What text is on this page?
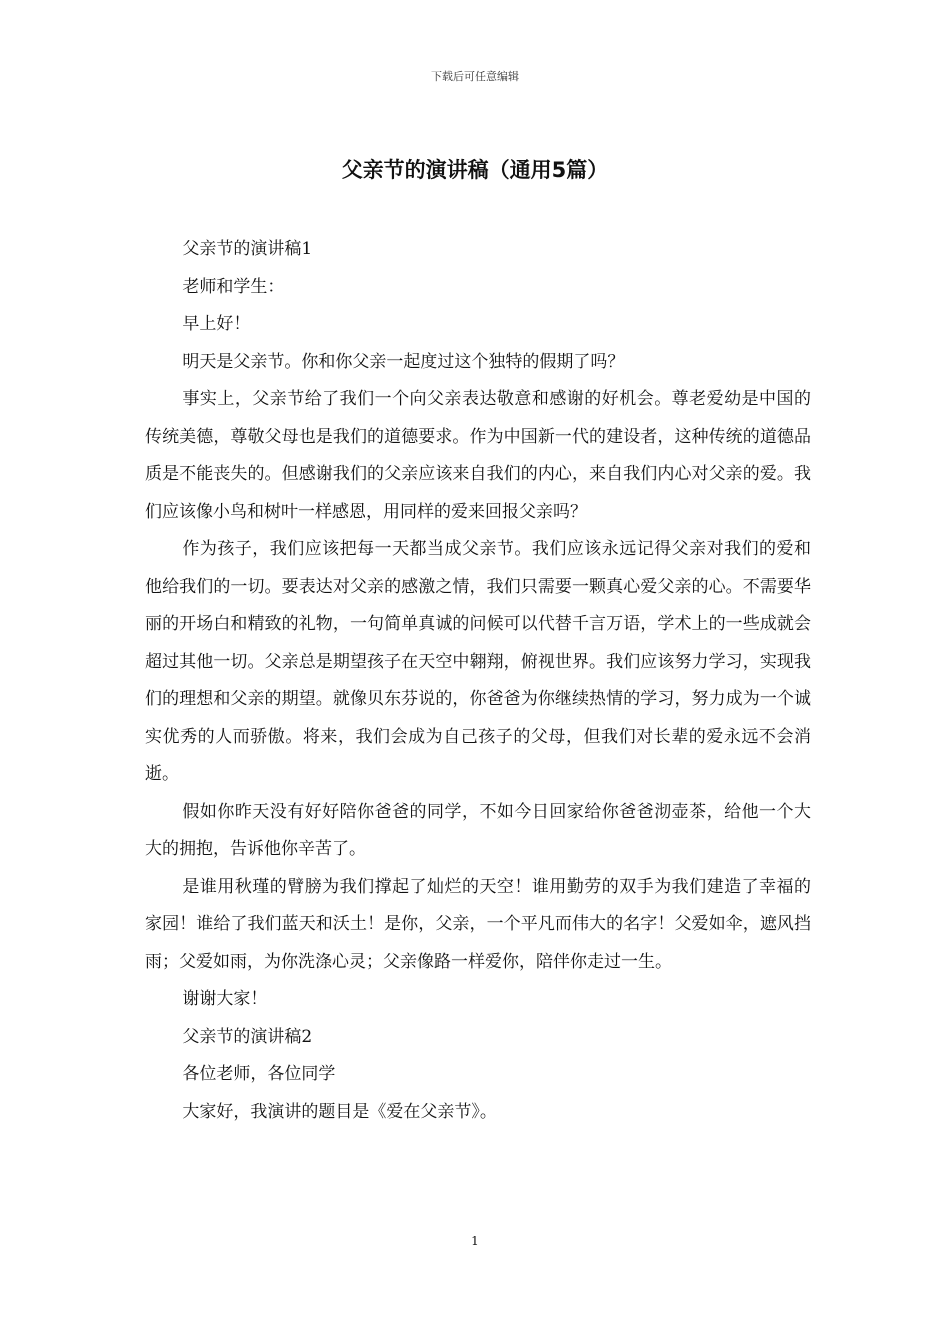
下载后可任意编辑
父亲节的演讲稿（通用5篇）

父亲节的演讲稿1

老师和学生：

早上好！

明天是父亲节。你和你父亲一起度过这个独特的假期了吗？

事实上，父亲节给了我们一个向父亲表达敬意和感谢的好机会。尊老爱幼是中国的传统美德，尊敬父母也是我们的道德要求。作为中国新一代的建设者，这种传统的道德品质是不能丧失的。但感谢我们的父亲应该来自我们的内心，来自我们内心对父亲的爱。我们应该像小鸟和树叶一样感恩，用同样的爱来回报父亲吗？

作为孩子，我们应该把每一天都当成父亲节。我们应该永远记得父亲对我们的爱和他给我们的一切。要表达对父亲的感激之情，我们只需要一颗真心爱父亲的心。不需要华丽的开场白和精致的礼物，一句简单真诚的问候可以代替千言万语，学术上的一些成就会超过其他一切。父亲总是期望孩子在天空中翱翔，俯视世界。我们应该努力学习，实现我们的理想和父亲的期望。就像贝东芬说的，你爸爸为你继续热情的学习，努力成为一个诚实优秀的人而骄傲。将来，我们会成为自己孩子的父母，但我们对长辈的爱永远不会消逝。

假如你昨天没有好好陪你爸爸的同学，不如今日回家给你爸爸沏壶茶，给他一个大大的拥抱，告诉他你辛苦了。

是谁用秋瑾的臂膀为我们撑起了灿烂的天空！谁用勤劳的双手为我们建造了幸福的家园！谁给了我们蓝天和沃土！是你，父亲，一个平凡而伟大的名字！父爱如伞，遮风挡雨；父爱如雨，为你洗涤心灵；父亲像路一样爱你，陪伴你走过一生。

谢谢大家！

父亲节的演讲稿2

各位老师，各位同学

大家好，我演讲的题目是《爱在父亲节》。

1
